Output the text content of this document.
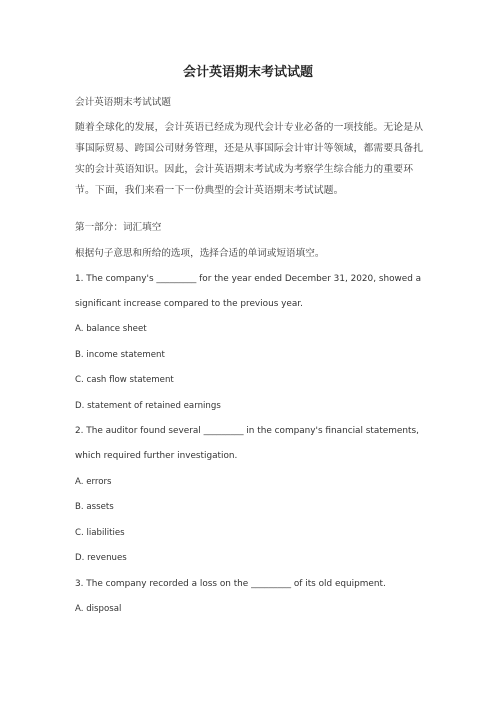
会计英语期末考试试题
会计英语期末考试试题
随着全球化的发展，会计英语已经成为现代会计专业必备的一项技能。无论是从事国际贸易、跨国公司财务管理，还是从事国际会计审计等领域，都需要具备扎实的会计英语知识。因此，会计英语期末考试成为考察学生综合能力的重要环节。下面，我们来看一下一份典型的会计英语期末考试试题。
第一部分：词汇填空
根据句子意思和所给的选项，选择合适的单词或短语填空。
1. The company's _________ for the year ended December 31, 2020, showed a
significant increase compared to the previous year.
A. balance sheet
B. income statement
C. cash flow statement
D. statement of retained earnings
2. The auditor found several _________ in the company's financial statements,
which required further investigation.
A. errors
B. assets
C. liabilities
D. revenues
3. The company recorded a loss on the _________ of its old equipment.
A. disposal
